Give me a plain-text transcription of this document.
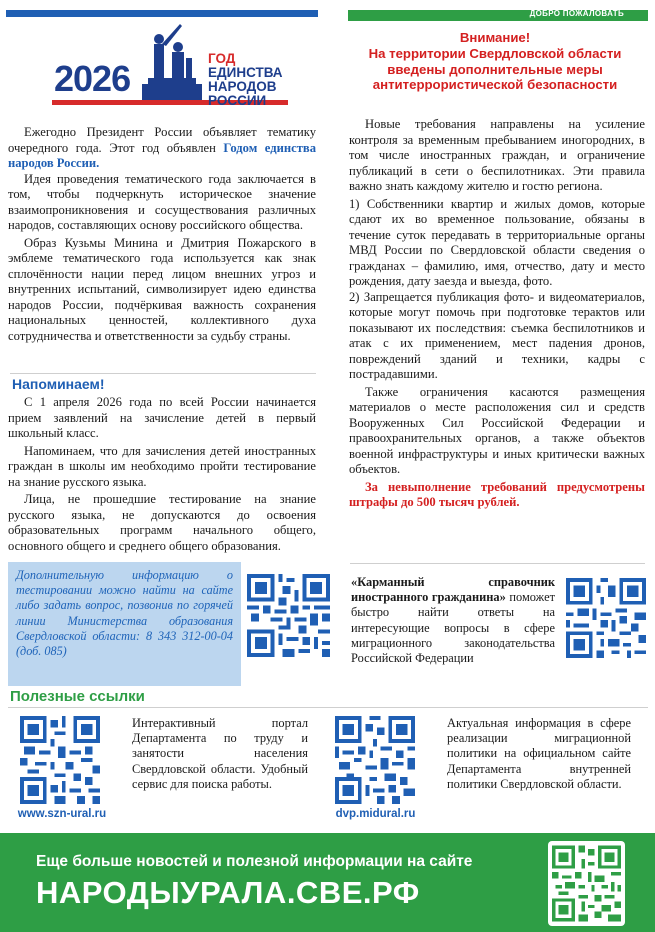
ДОБРО ПОЖАЛОВАТЬ
2026	ГОД
ЕДИНСТВА
НАРОДОВ
РОССИИ

Ежегодно Президент России объявляет тематику очередного года. Этот год объявлен Годом единства народов России.

Идея проведения тематического года заключается в том, чтобы подчеркнуть историческое значение взаимопроникновения и сосуществования различных народов, составляющих основу российского общества.

Образ Кузьмы Минина и Дмитрия Пожарского в эмблеме тематического года используется как знак сплочённости нации перед лицом внешних угроз и внутренних испытаний, символизирует идею единства народов России, подчёркивая важность сохранения национальных ценностей, коллективного духа сотрудничества и ответственности за судьбу страны.

Напоминаем!

С 1 апреля 2026 года по всей России начинается прием заявлений на зачисление детей в первый школьный класс.

Напоминаем, что для зачисления детей иностранных граждан в школы им необходимо пройти тестирование на знание русского языка.

Лица, не прошедшие тестирование на знание русского языка, не допускаются до освоения образовательных программ начального общего, основного общего и среднего общего образования.

Дополнительную информацию о тестировании можно найти на сайте либо задать вопрос, позвонив по горячей линии Министерства образования Свердловской области: 8 343 312-00-04 (доб. 085)

Внимание!
На территории Свердловской области введены дополнительные меры антитеррористической безопасности

Новые требования направлены на усиление контроля за временным пребыванием иногородних, в том числе иностранных граждан, и ограничение публикаций в сети о беспилотниках. Эти правила важно знать каждому жителю и гостю региона.

1) Собственники квартир и жилых домов, которые сдают их во временное пользование, обязаны в течение суток передавать в территориальные органы МВД России по Свердловской области сведения о гражданах – фамилию, имя, отчество, дату и место рождения, дату заезда и выезда, фото.

2) Запрещается публикация фото- и видеоматериалов, которые могут помочь при подготовке терактов или показывают их последствия: съемка беспилотников и атак с их применением, мест падения дронов, повреждений зданий и техники, кадры с пострадавшими.

Также ограничения касаются размещения материалов о месте расположения сил и средств Вооруженных Сил Российской Федерации и правоохранительных органов, а также объектов военной инфраструктуры и иных критически важных объектов.

За невыполнение требований предусмотрены штрафы до 500 тысяч рублей.

«Карманный справочник иностранного гражданина» поможет быстро найти ответы на интересующие вопросы в сфере миграционного законодательства Российской Федерации

Полезные ссылки
www.szn-ural.ru

Интерактивный портал Департамента по труду и занятости населения Свердловской области. Удобный сервис для поиска работы.

dvp.midural.ru

Актуальная информация в сфере реализации миграционной политики на официальном сайте Департамента внутренней политики Свердловской области.

Еще больше новостей и полезной информации на сайте
НАРОДЫУРАЛА.СВЕ.РФ
